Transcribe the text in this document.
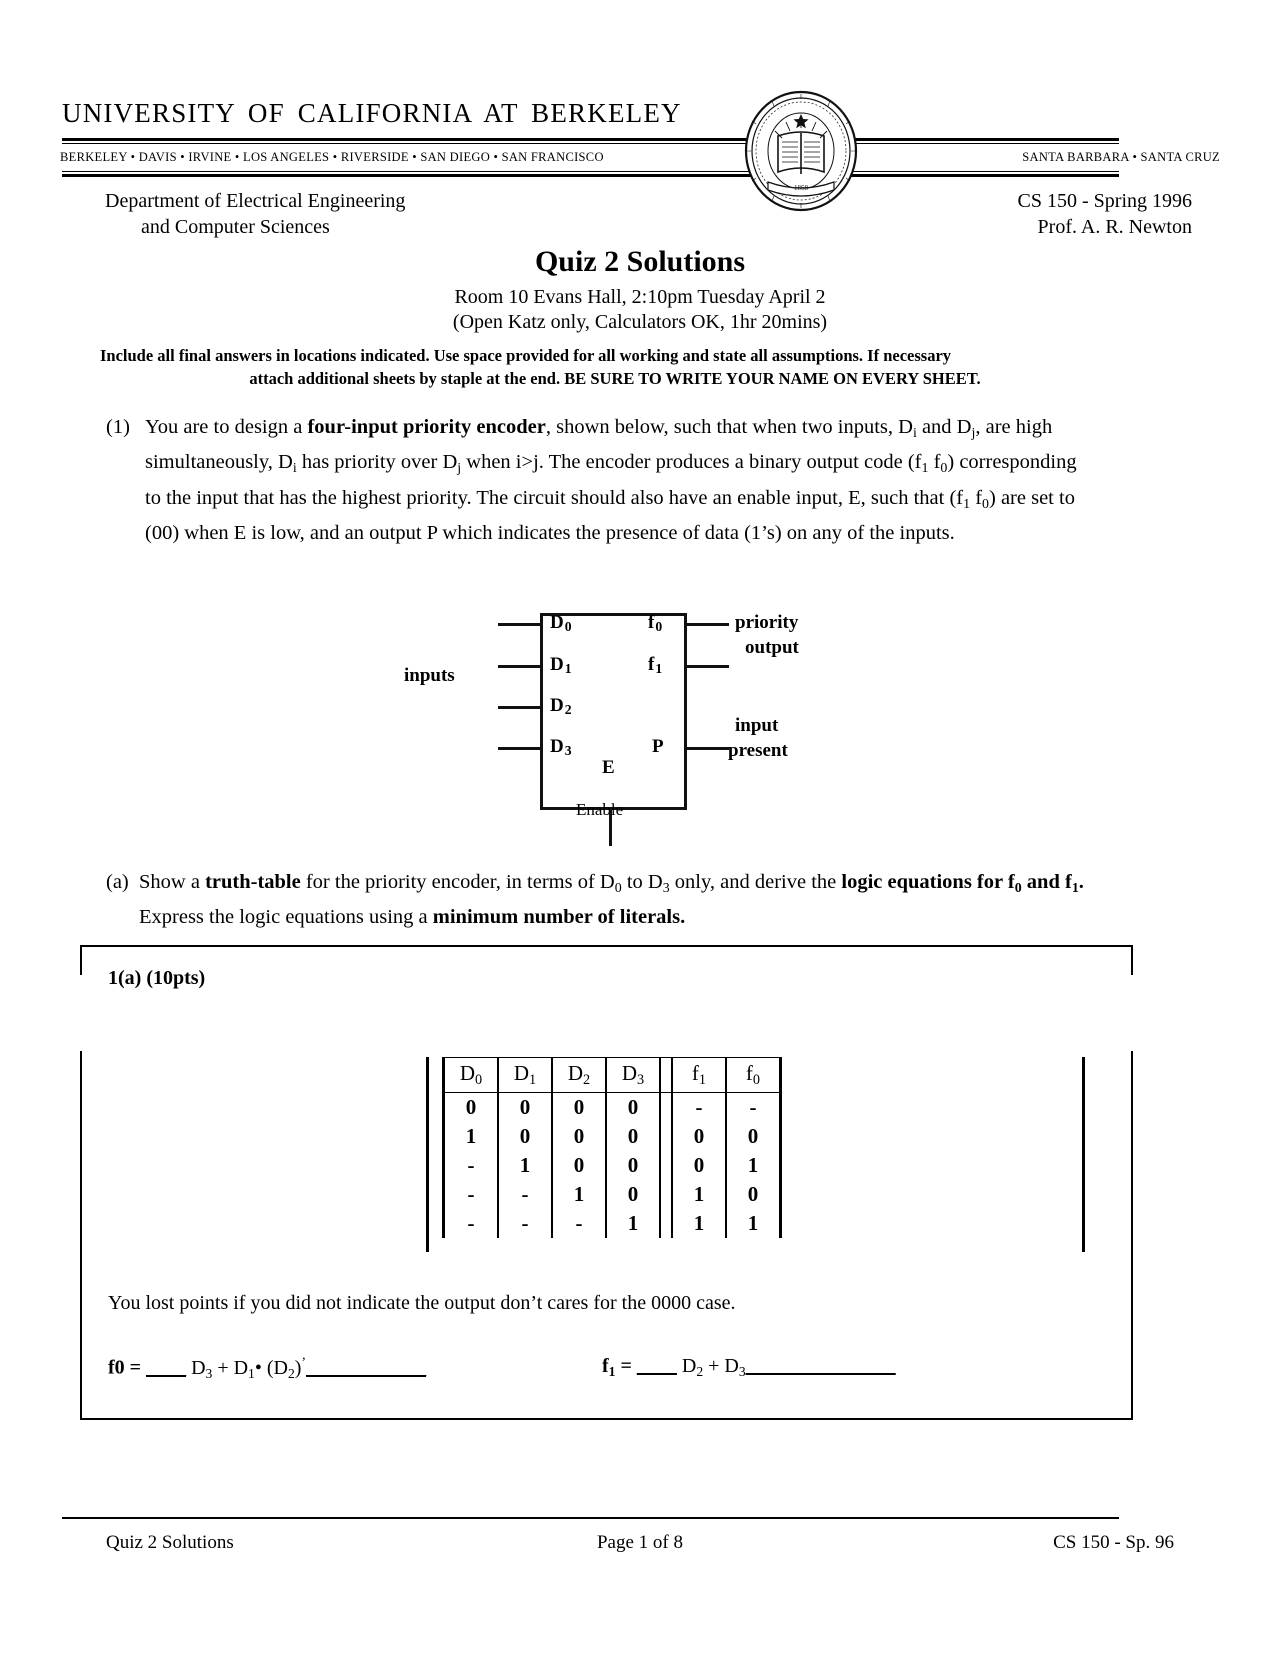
UNIVERSITY OF CALIFORNIA AT BERKELEY
BERKELEY • DAVIS • IRVINE • LOS ANGELES • RIVERSIDE • SAN DIEGO • SAN FRANCISCO	SANTA BARBARA • SANTA CRUZ
1868
Department of Electrical Engineering
and Computer Sciences
CS 150 - Spring 1996
Prof. A. R. Newton
Quiz 2 Solutions
Room 10 Evans Hall, 2:10pm Tuesday April 2
(Open Katz only, Calculators OK, 1hr 20mins)
Include all final answers in locations indicated. Use space provided for all working and state all assumptions. If necessary
attach additional sheets by staple at the end. BE SURE TO WRITE YOUR NAME ON EVERY SHEET.
(1) You are to design a four-input priority encoder, shown below, such that when two inputs, $D_i$ and $D_j$, are high simultaneously, $D_i$ has priority over $D_j$ when i>j. The encoder produces a binary output code ($f_1$ $f_0$) corresponding to the input that has the highest priority. The circuit should also have an enable input, E, such that ($f_1$ $f_0$) are set to (00) when E is low, and an output P which indicates the presence of data (1’s) on any of the inputs.
$D_0$
$D_1$
$D_2$
$D_3$
$f_0$
$f_1$
P
E
inputs
priority
output
input
present
Enable
(a) Show a truth-table for the priority encoder, in terms of $D_0$ to $D_3$ only, and derive the logic equations for $f_0$ and $f_1$. Express the logic equations using a minimum number of literals.
1(a) (10pts)
$D_0$	$D_1$	$D_2$	$D_3$		$f_1$	$f_0$
0	0	0	0		-	-
1	0	0	0		0	0
-	1	0	0		0	1
-	-	1	0		1	0
-	-	-	1		1	1
You lost points if you did not indicate the output don’t cares for the 0000 case.
f0 = ____ $D_3$ + $D_1•$ $(D_2)^’\_\_\_\_\_\_\_\_\_\_\_\_$	$f_1$ = ____ $D_2$ + $D_3\_\_\_\_\_\_\_\_\_\_\_\_\_\_\_$
Quiz 2 Solutions	Page 1 of 8	CS 150 - Sp. 96
